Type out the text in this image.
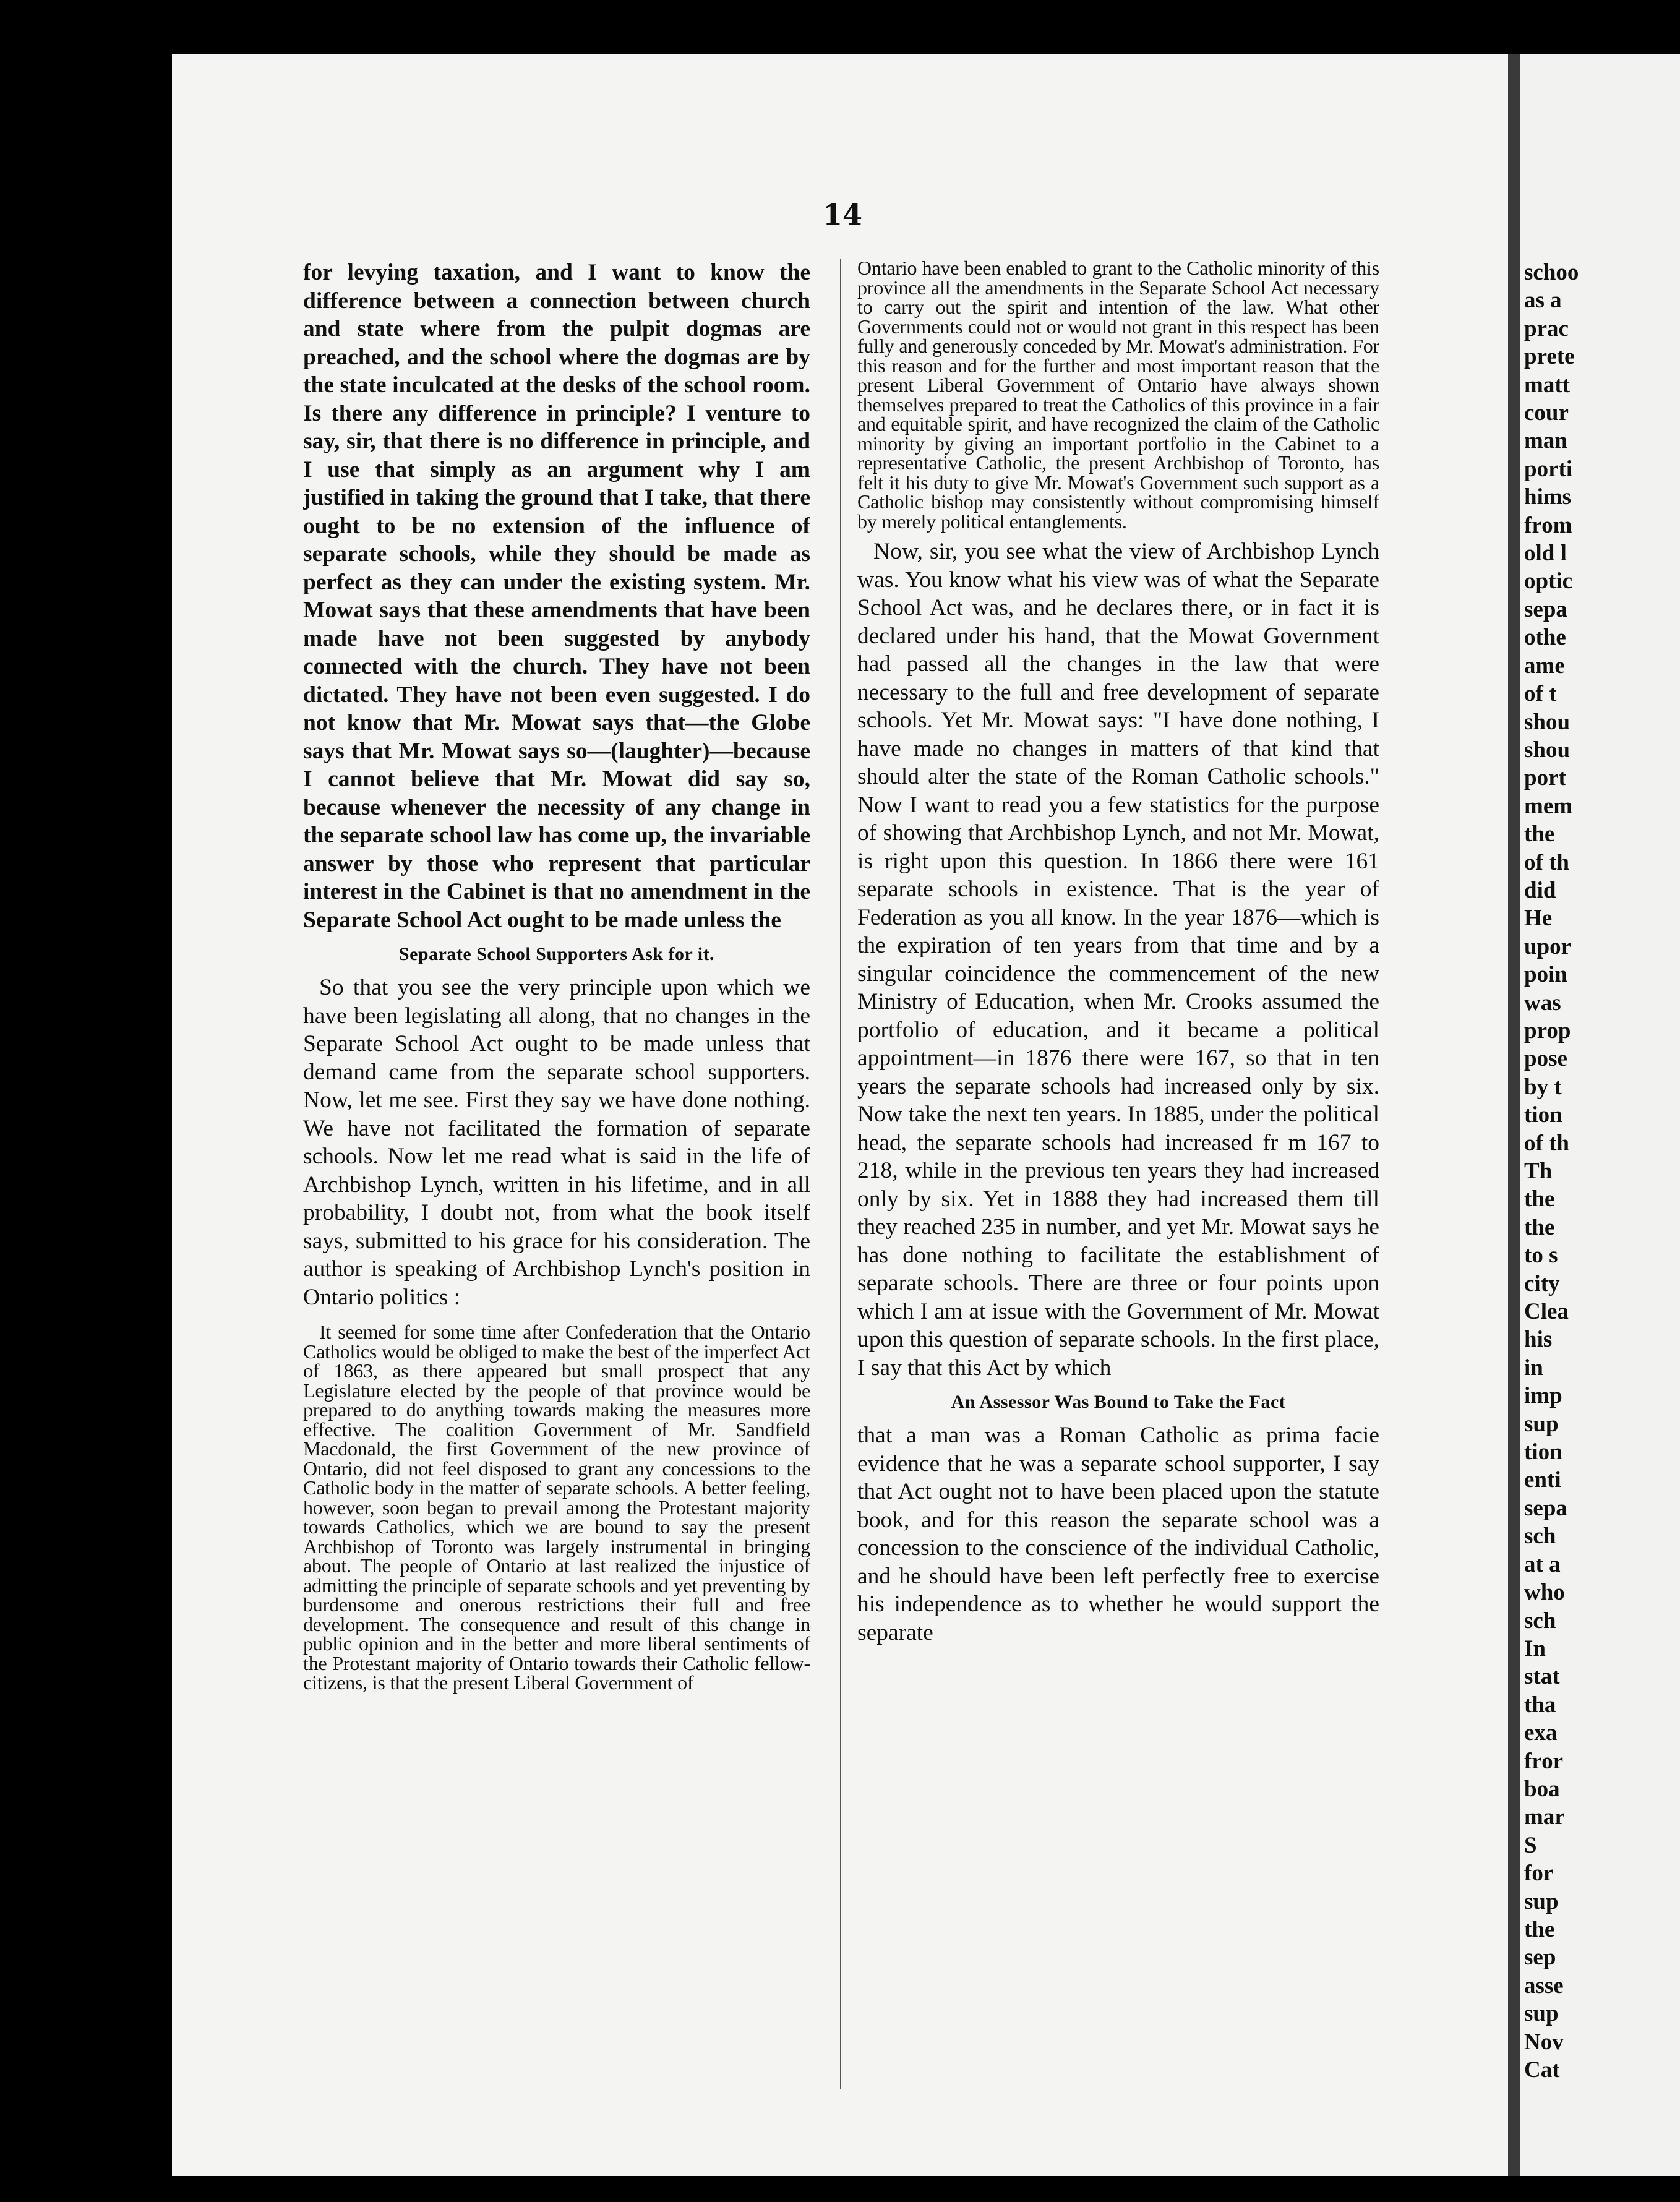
schoo
as a
prac
prete
matt
cour
man
porti
hims
from
old l
optic
sepa
othe
ame
of t
shou
shou
port
mem
the
of th
did
He
upor
poin
was
prop
pose
by t
tion
of th
Th
the
the
to s
city
Clea
his
in
imp
sup
tion
enti
sepa
sch
at a
who
sch
In
stat
tha
exa
fror
boa
mar
S
for
sup
the
sep
asse
sup
Nov
Cat
14

for levying taxation, and I want to know the difference between a connection between church and state where from the pulpit dogmas are preached, and the school where the dogmas are by the state inculcated at the desks of the school room. Is there any difference in principle? I venture to say, sir, that there is no difference in principle, and I use that simply as an argument why I am justified in taking the ground that I take, that there ought to be no extension of the influence of separate schools, while they should be made as perfect as they can under the existing system. Mr. Mowat says that these amendments that have been made have not been suggested by anybody connected with the church. They have not been dictated. They have not been even suggested. I do not know that Mr. Mowat says that—the Globe says that Mr. Mowat says so—(laughter)—because I cannot believe that Mr. Mowat did say so, because whenever the necessity of any change in the separate school law has come up, the invariable answer by those who represent that particular interest in the Cabinet is that no amendment in the Separate School Act ought to be made unless the

Separate School Supporters Ask for it.

So that you see the very principle upon which we have been legislating all along, that no changes in the Separate School Act ought to be made unless that demand came from the separate school supporters. Now, let me see. First they say we have done nothing. We have not facilitated the formation of separate schools. Now let me read what is said in the life of Archbishop Lynch, written in his lifetime, and in all probability, I doubt not, from what the book itself says, submitted to his grace for his consideration. The author is speaking of Archbishop Lynch's position in Ontario politics :

It seemed for some time after Confederation that the Ontario Catholics would be obliged to make the best of the imperfect Act of 1863, as there appeared but small prospect that any Legislature elected by the people of that province would be prepared to do anything towards making the measures more effective. The coalition Government of Mr. Sandfield Macdonald, the first Government of the new province of Ontario, did not feel disposed to grant any concessions to the Catholic body in the matter of separate schools. A better feeling, however, soon began to prevail among the Protestant majority towards Catholics, which we are bound to say the present Archbishop of Toronto was largely instrumental in bringing about. The people of Ontario at last realized the injustice of admitting the principle of separate schools and yet preventing by burdensome and onerous restrictions their full and free development. The consequence and result of this change in public opinion and in the better and more liberal sentiments of the Protestant majority of Ontario towards their Catholic fellow-citizens, is that the present Liberal Government of

Ontario have been enabled to grant to the Catholic minority of this province all the amendments in the Separate School Act necessary to carry out the spirit and intention of the law. What other Governments could not or would not grant in this respect has been fully and generously conceded by Mr. Mowat's administration. For this reason and for the further and most important reason that the present Liberal Government of Ontario have always shown themselves prepared to treat the Catholics of this province in a fair and equitable spirit, and have recognized the claim of the Catholic minority by giving an important portfolio in the Cabinet to a representative Catholic, the present Archbishop of Toronto, has felt it his duty to give Mr. Mowat's Government such support as a Catholic bishop may consistently without compromising himself by merely political entanglements.

Now, sir, you see what the view of Archbishop Lynch was. You know what his view was of what the Separate School Act was, and he declares there, or in fact it is declared under his hand, that the Mowat Government had passed all the changes in the law that were necessary to the full and free development of separate schools. Yet Mr. Mowat says: "I have done nothing, I have made no changes in matters of that kind that should alter the state of the Roman Catholic schools." Now I want to read you a few statistics for the purpose of showing that Archbishop Lynch, and not Mr. Mowat, is right upon this question. In 1866 there were 161 separate schools in existence. That is the year of Federation as you all know. In the year 1876—which is the expiration of ten years from that time and by a singular coincidence the commencement of the new Ministry of Education, when Mr. Crooks assumed the portfolio of education, and it became a political appointment—in 1876 there were 167, so that in ten years the separate schools had increased only by six. Now take the next ten years. In 1885, under the political head, the separate schools had increased fr m 167 to 218, while in the previous ten years they had increased only by six. Yet in 1888 they had increased them till they reached 235 in number, and yet Mr. Mowat says he has done nothing to facilitate the establishment of separate schools. There are three or four points upon which I am at issue with the Government of Mr. Mowat upon this question of separate schools. In the first place, I say that this Act by which

An Assessor Was Bound to Take the Fact

that a man was a Roman Catholic as prima facie evidence that he was a separate school supporter, I say that Act ought not to have been placed upon the statute book, and for this reason the separate school was a concession to the conscience of the individual Catholic, and he should have been left perfectly free to exercise his independence as to whether he would support the separate
